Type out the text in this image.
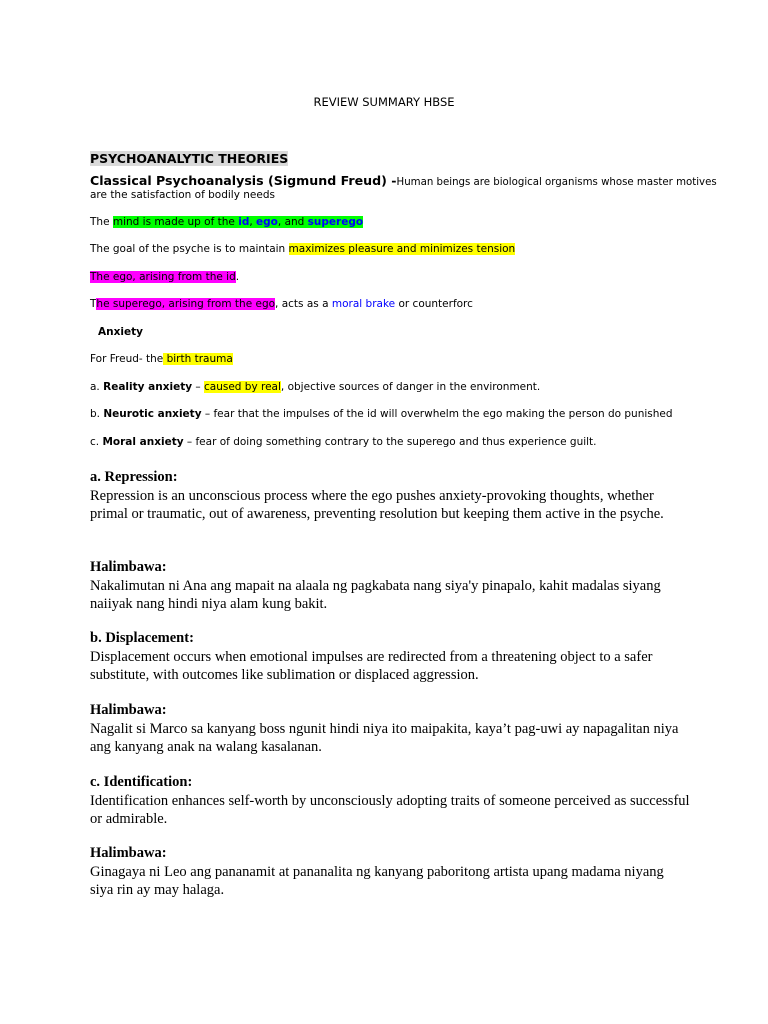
REVIEW SUMMARY HBSE
PSYCHOANALYTIC THEORIES
Classical Psychoanalysis (Sigmund Freud) -Human beings are biological organisms whose master motives
are the satisfaction of bodily needs
The mind is made up of the id, ego, and superego
The goal of the psyche is to maintain maximizes pleasure and minimizes tension
The ego, arising from the id.
The superego, arising from the ego, acts as a moral brake or counterforc
Anxiety
For Freud- the birth trauma
a. Reality anxiety – caused by real, objective sources of danger in the environment.
b. Neurotic anxiety – fear that the impulses of the id will overwhelm the ego making the person do punished
c. Moral anxiety – fear of doing something contrary to the superego and thus experience guilt.
a. Repression:
Repression is an unconscious process where the ego pushes anxiety-provoking thoughts, whether primal or traumatic, out of awareness, preventing resolution but keeping them active in the psyche.
Halimbawa:
Nakalimutan ni Ana ang mapait na alaala ng pagkabata nang siya'y pinapalo, kahit madalas siyang naiiyak nang hindi niya alam kung bakit.
b. Displacement:
Displacement occurs when emotional impulses are redirected from a threatening object to a safer substitute, with outcomes like sublimation or displaced aggression.
Halimbawa:
Nagalit si Marco sa kanyang boss ngunit hindi niya ito maipakita, kaya’t pag-uwi ay napagalitan niya ang kanyang anak na walang kasalanan.
c. Identification:
Identification enhances self-worth by unconsciously adopting traits of someone perceived as successful or admirable.
Halimbawa:
Ginagaya ni Leo ang pananamit at pananalita ng kanyang paboritong artista upang madama niyang siya rin ay may halaga.
